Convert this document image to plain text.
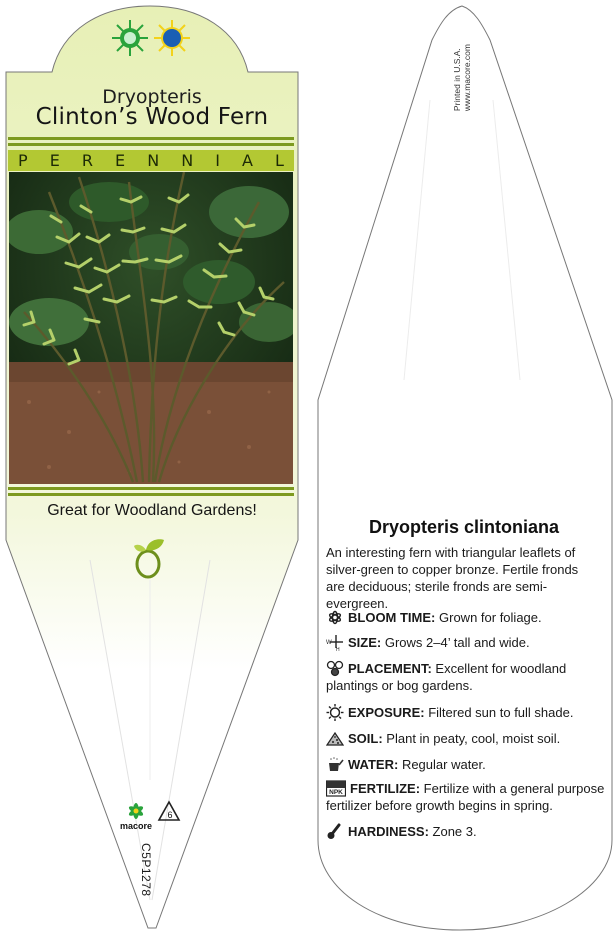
Dryopteris
Clinton’s Wood Fern
P E R E N N I A L
Great for Woodland Gardens!
macore
6
C5P1278
Printed in U.S.A. www.macore.com
Dryopteris clintoniana
An interesting fern with triangular leaflets of silver-green to copper bronze. Fertile fronds are deciduous; sterile fronds are semi-evergreen.
BLOOM TIME: Grown for foliage.
W
H SIZE: Grows 2–4’ tall and wide.
PLACEMENT: Excellent for woodland plantings or bog gardens.
EXPOSURE: Filtered sun to full shade.
SOIL: Plant in peaty, cool, moist soil.
WATER: Regular water.
NPK FERTILIZE: Fertilize with a general purpose fertilizer before growth begins in spring.
HARDINESS: Zone 3.
